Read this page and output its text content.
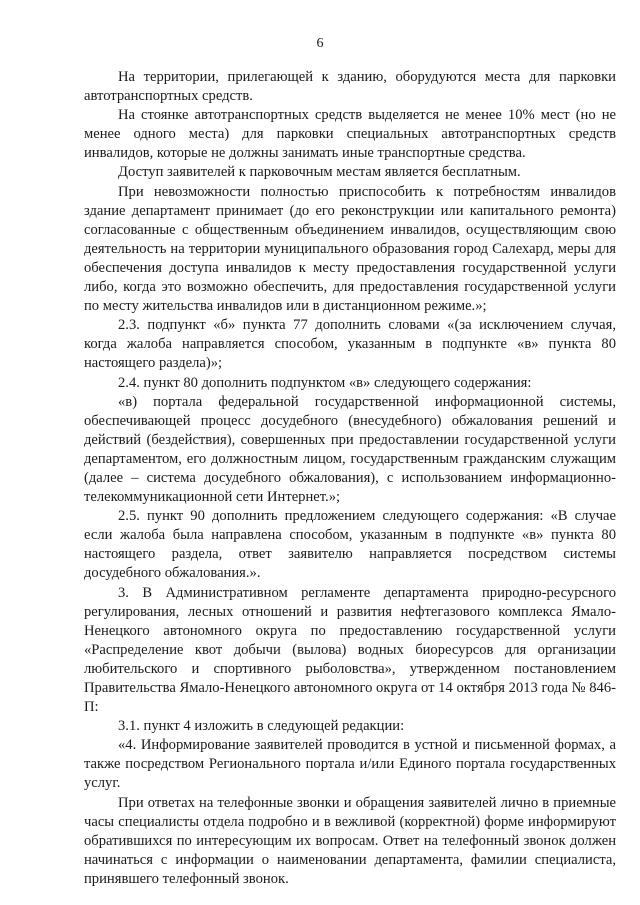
6

На территории, прилегающей к зданию, оборудуются места для парковки автотранспортных средств.

На стоянке автотранспортных средств выделяется не менее 10% мест (но не менее одного места) для парковки специальных автотранспортных средств инвалидов, которые не должны занимать иные транспортные средства.

Доступ заявителей к парковочным местам является бесплатным.

При невозможности полностью приспособить к потребностям инвалидов здание департамент принимает (до его реконструкции или капитального ремонта) согласованные с общественным объединением инвалидов, осуществляющим свою деятельность на территории муниципального образования город Салехард, меры для обеспечения доступа инвалидов к месту предоставления государственной услуги либо, когда это возможно обеспечить, для предоставления государственной услуги по месту жительства инвалидов или в дистанционном режиме.»;

2.3. подпункт «б» пункта 77 дополнить словами «(за исключением случая, когда жалоба направляется способом, указанным в подпункте «в» пункта 80 настоящего раздела)»;

2.4. пункт 80 дополнить подпунктом «в» следующего содержания:

«в) портала федеральной государственной информационной системы, обеспечивающей процесс досудебного (внесудебного) обжалования решений и действий (бездействия), совершенных при предоставлении государственной услуги департаментом, его должностным лицом, государственным гражданским служащим (далее – система досудебного обжалования), с использованием информационно-телекоммуникационной сети Интернет.»;

2.5. пункт 90 дополнить предложением следующего содержания: «В случае если жалоба была направлена способом, указанным в подпункте «в» пункта 80 настоящего раздела, ответ заявителю направляется посредством системы досудебного обжалования.».

3. В Административном регламенте департамента природно-ресурсного регулирования, лесных отношений и развития нефтегазового комплекса Ямало-Ненецкого автономного округа по предоставлению государственной услуги «Распределение квот добычи (вылова) водных биоресурсов для организации любительского и спортивного рыболовства», утвержденном постановлением Правительства Ямало-Ненецкого автономного округа от 14 октября 2013 года № 846-П:

3.1. пункт 4 изложить в следующей редакции:

«4. Информирование заявителей проводится в устной и письменной формах, а также посредством Регионального портала и/или Единого портала государственных услуг.

При ответах на телефонные звонки и обращения заявителей лично в приемные часы специалисты отдела подробно и в вежливой (корректной) форме информируют обратившихся по интересующим их вопросам. Ответ на телефонный звонок должен начинаться с информации о наименовании департамента, фамилии специалиста, принявшего телефонный звонок.
